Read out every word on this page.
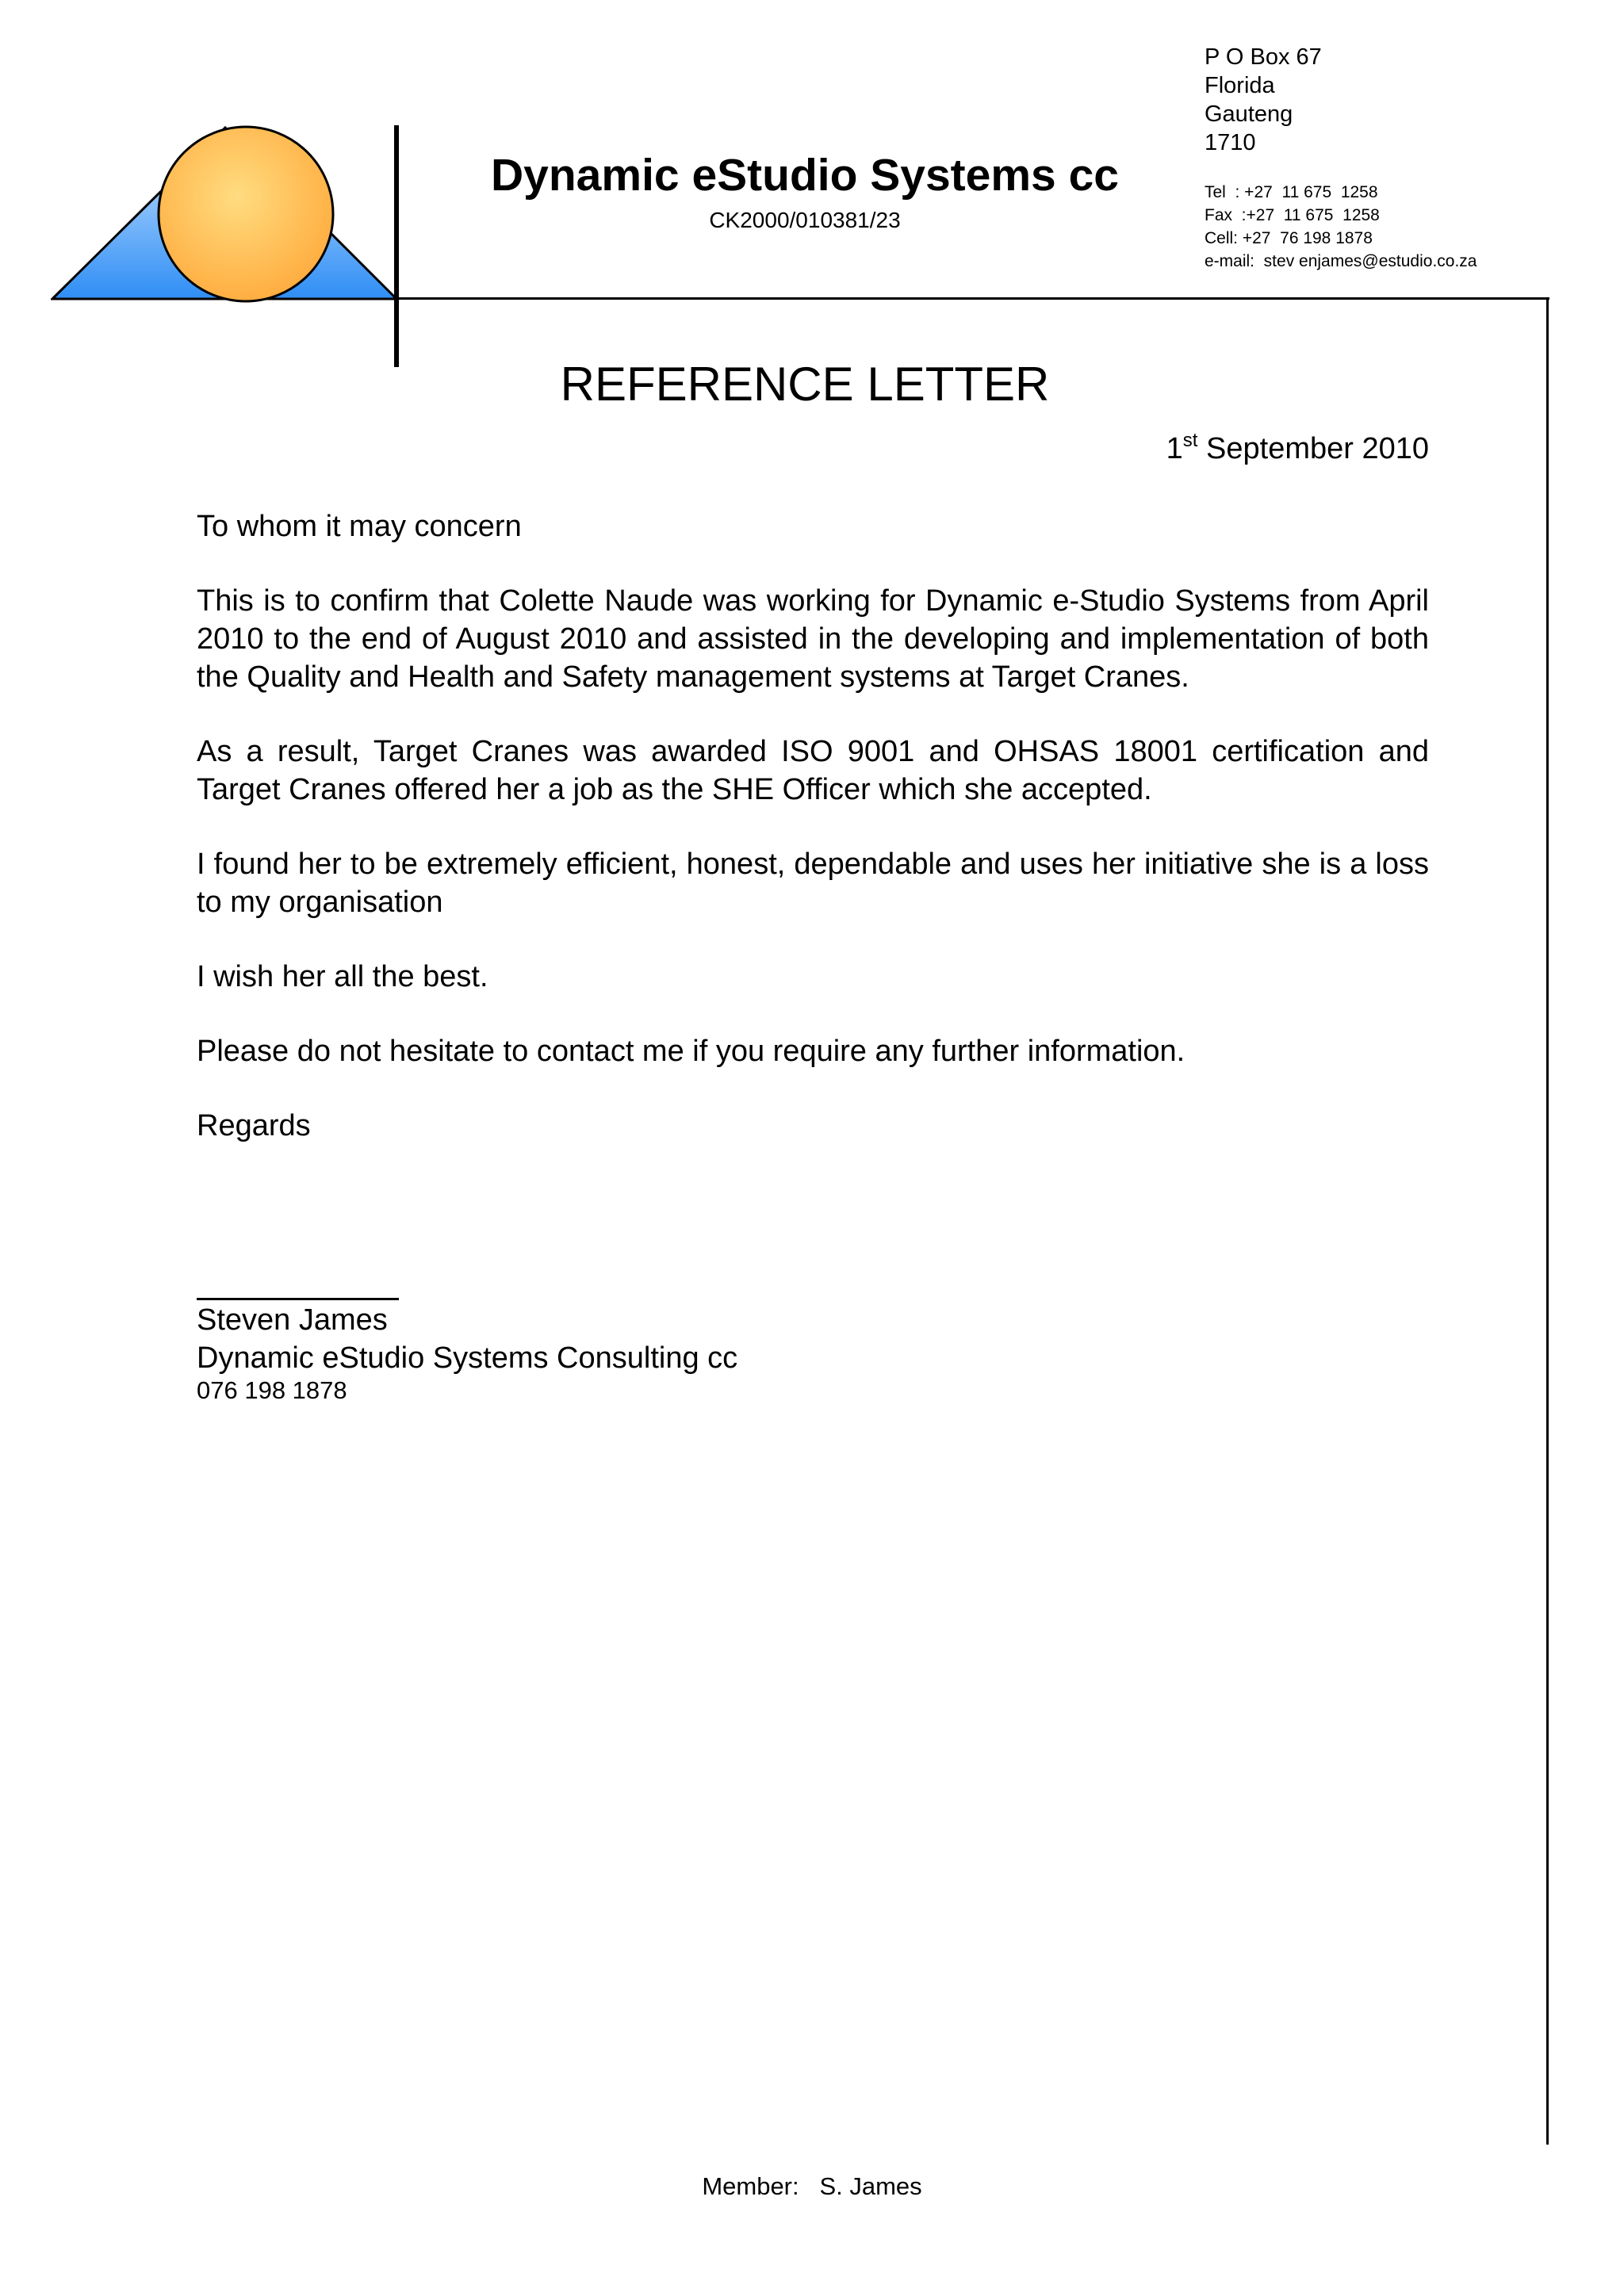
Dynamic eStudio Systems cc
CK2000/010381/23
P O Box 67
Florida
Gauteng
1710
Tel  : +27  11 675  1258
Fax  :+27  11 675  1258
Cell: +27  76 198 1878
e-mail:  stev enjames@estudio.co.za
REFERENCE LETTER
1st September 2010

To whom it may concern

This is to confirm that Colette Naude was working for Dynamic e-Studio Systems from April 2010 to the end of August 2010 and assisted in the developing and implementation of both the Quality and Health and Safety management systems at Target Cranes.

As a result, Target Cranes was awarded ISO 9001 and OHSAS 18001 certification and Target Cranes offered her a job as the SHE Officer which she accepted.

I found her to be extremely efficient, honest, dependable and uses her initiative she is a loss to my organisation

I wish her all the best.

Please do not hesitate to contact me if you require any further information.

Regards

Steven James
Dynamic eStudio Systems Consulting cc
076 198 1878
Member:   S. James
